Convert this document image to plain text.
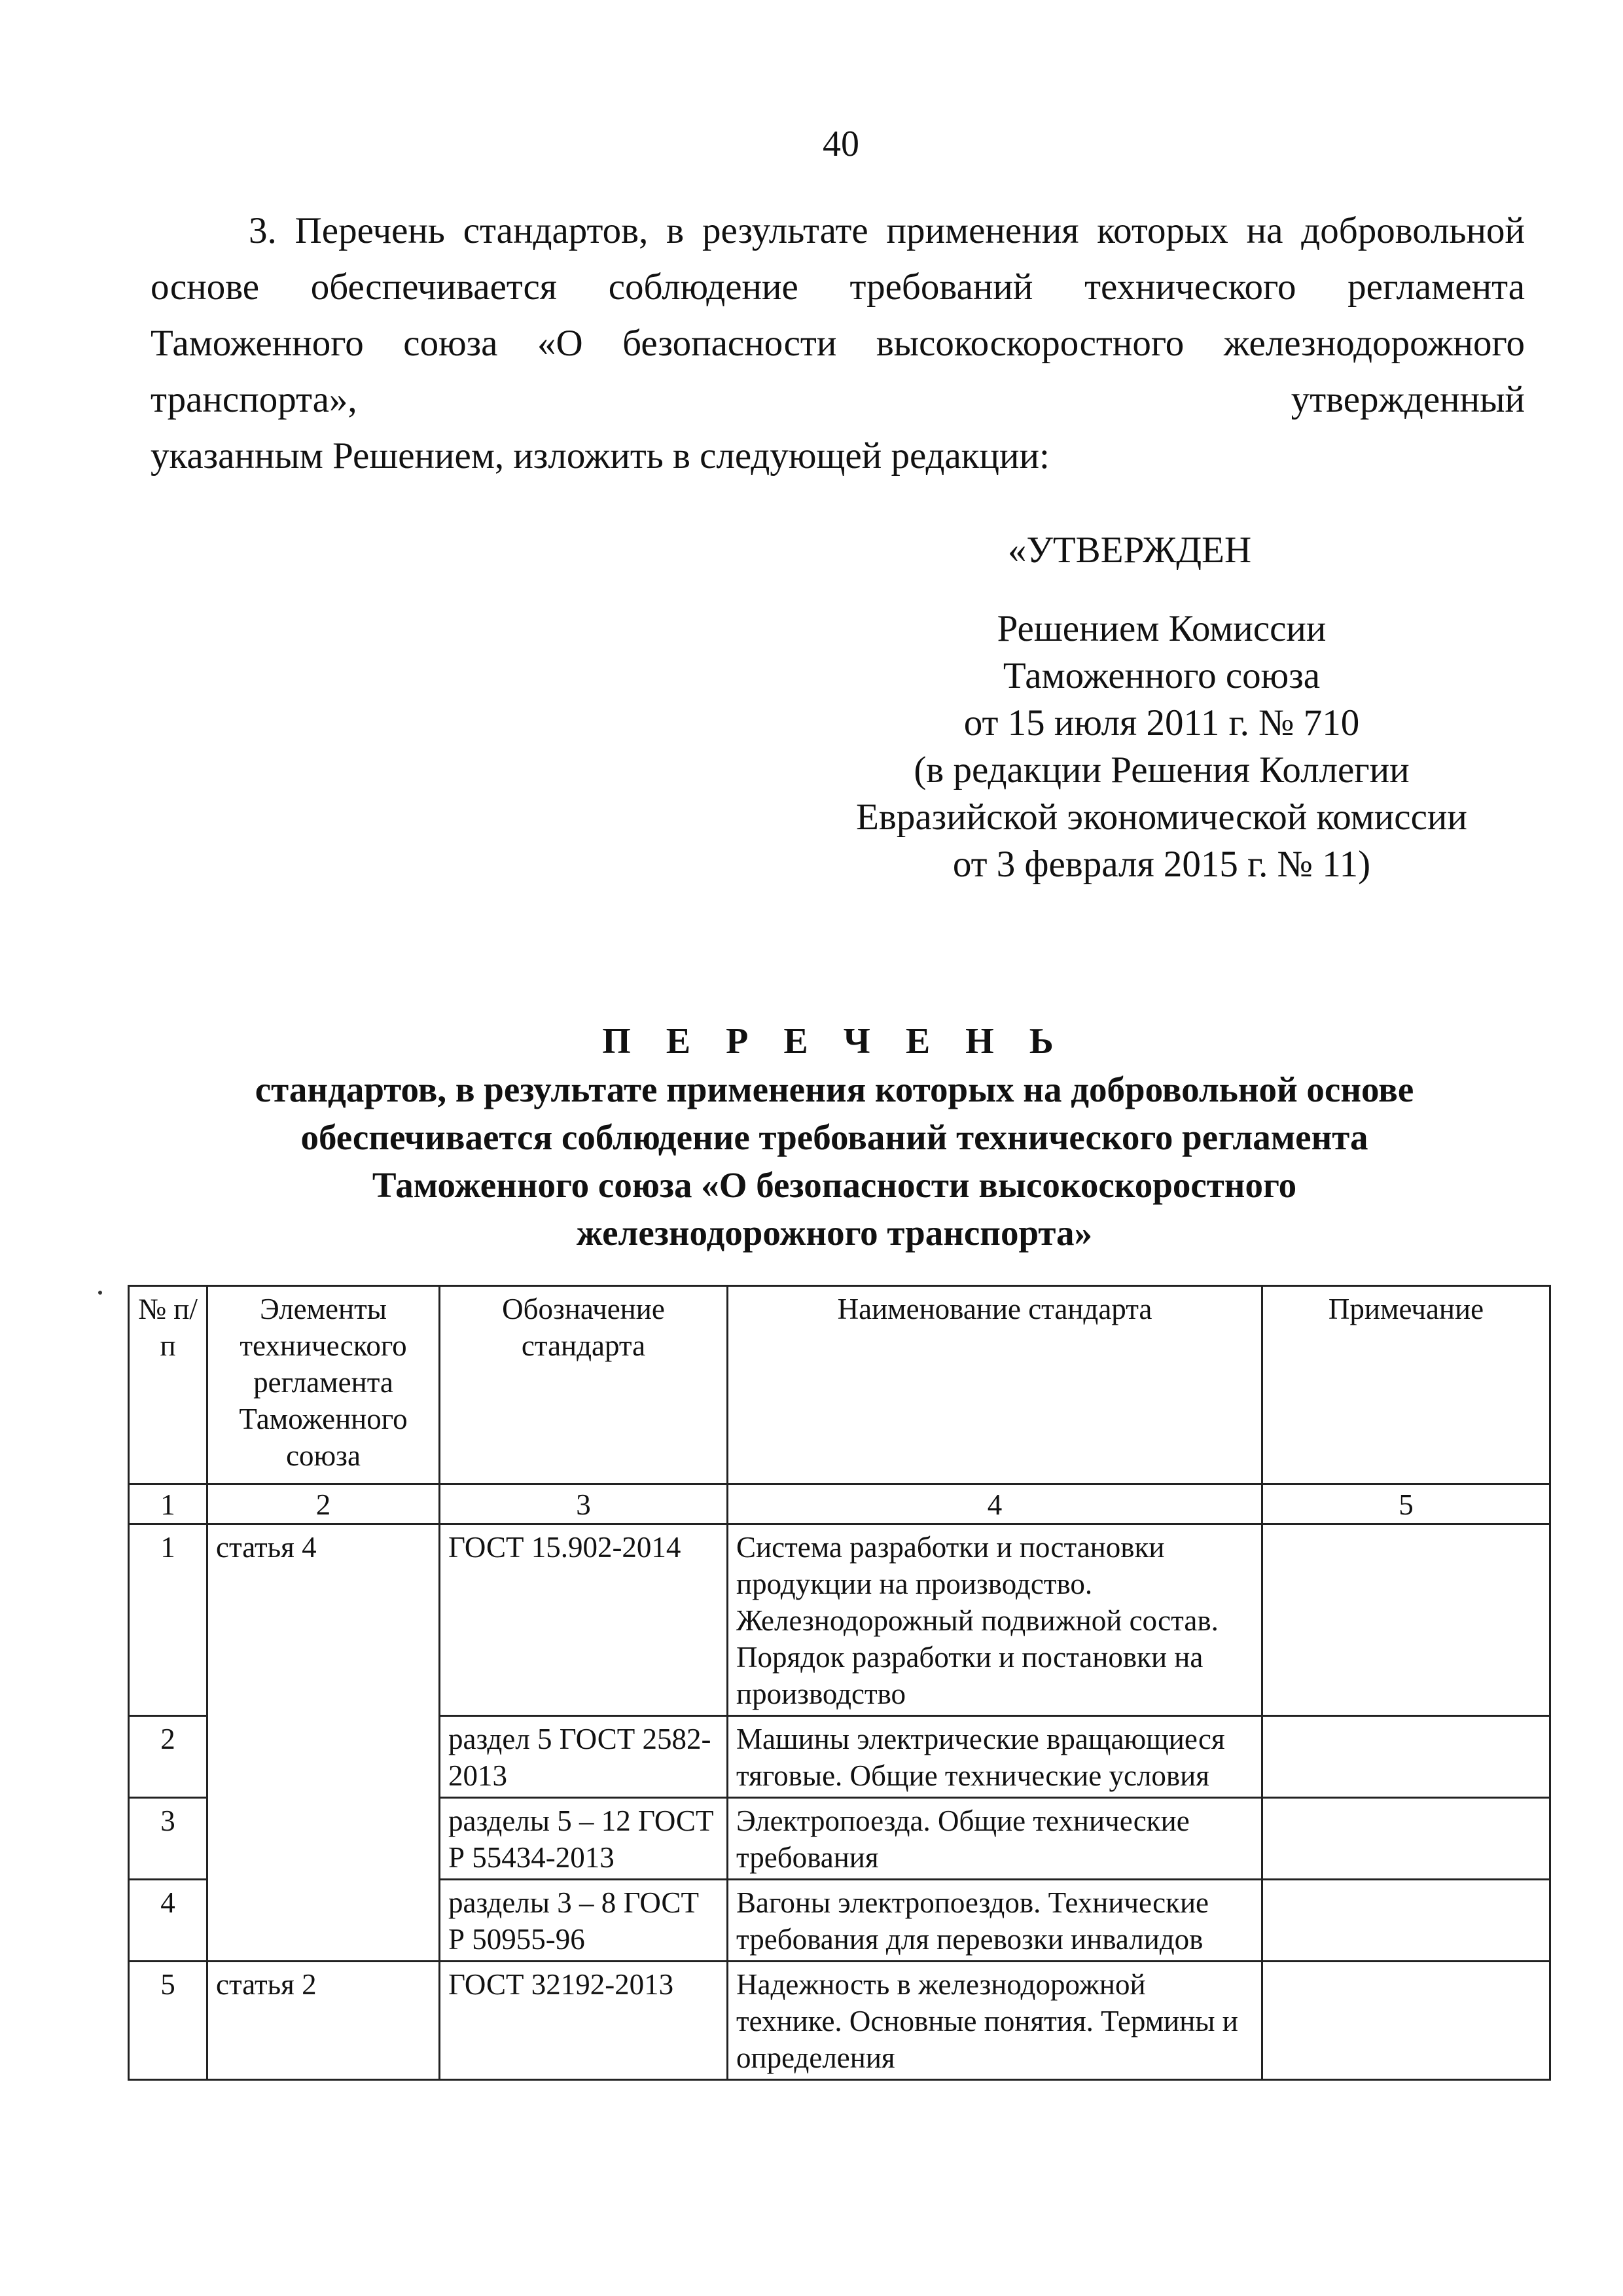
40

3. Перечень стандартов, в результате применения которых на добровольной основе обеспечивается соблюдение требований технического регламента Таможенного союза «О безопасности высокоскоростного железнодорожного транспорта», утвержденный

указанным Решением, изложить в следующей редакции:
«УТВЕРЖДЕН
Решением Комиссии
Таможенного союза
от 15 июля 2011 г. № 710
(в редакции Решения Коллегии
Евразийской экономической комиссии
от 3 февраля 2015 г. № 11)
П Е Р Е Ч Е Н Ь
стандартов, в результате применения которых на добровольной основе
обеспечивается соблюдение требований технического регламента
Таможенного союза «О безопасности высокоскоростного
железнодорожного транспорта»
№ п/п	Элементы технического регламента Таможенного союза	Обозначение стандарта	Наименование стандарта	Примечание
1	2	3	4	5
1	статья 4	ГОСТ 15.902-2014	Система разработки и постановки продукции на производство. Железнодорожный подвижной состав. Порядок разработки и постановки на производство	
2		раздел 5 ГОСТ 2582-2013	Машины электрические вращающиеся тяговые. Общие технические условия	
3		разделы 5 – 12 ГОСТ Р 55434-2013	Электропоезда. Общие технические требования	
4		разделы 3 – 8 ГОСТ Р 50955-96	Вагоны электропоездов. Технические требования для перевозки инвалидов	
5	статья 2	ГОСТ 32192-2013	Надежность в железнодорожной технике. Основные понятия. Термины и определения	
